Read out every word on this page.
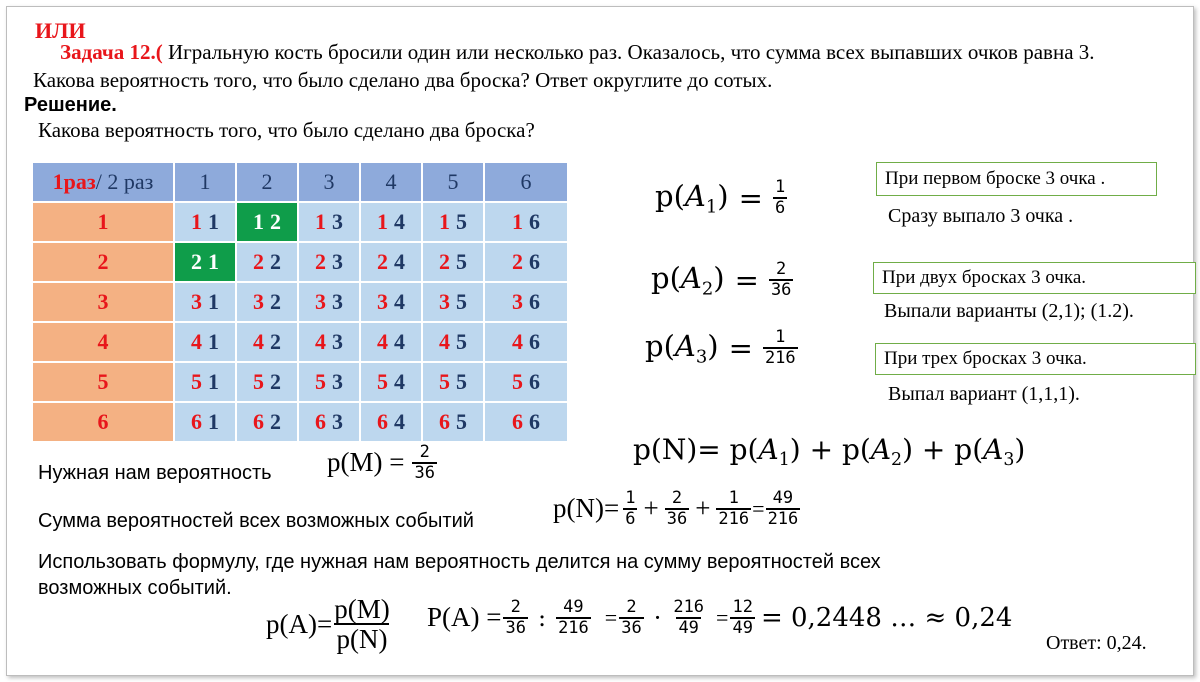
ИЛИ
Задача 12.( Игральную кость бросили один или несколько раз. Оказалось, что сумма всех выпавших очков равна 3.
Какова вероятность того, что было сделано два броска? Ответ округлите до сотых.
Решение.
Какова вероятность того, что было сделано два броска?
1раз/ 2 раз	1	2	3	4	5	6
1	1 1	1 2	1 3	1 4	1 5	1 6
2	2 1	2 2	2 3	2 4	2 5	2 6
3	3 1	3 2	3 3	3 4	3 5	3 6
4	4 1	4 2	4 3	4 4	4 5	4 6
5	5 1	5 2	5 3	5 4	5 5	5 6
6	6 1	6 2	6 3	6 4	6 5	6 6
$p(A_1) = \frac{1}{6}$
$p(A_2) = \frac{2}{36}$
$p(A_3) = \frac{1}{216}$
При первом броске 3 очка .
Сразу выпало 3 очка .
При двух бросках 3 очка.
Выпали варианты (2,1); (1.2).
При трех бросках 3 очка.
Выпал вариант (1,1,1).
$p(N)= p(A_1) + p(A_2) + p(A_3)$
Нужная нам вероятность $p(M) = \frac{2}{36}$
Сумма вероятностей всех возможных событий	$p(N)= \frac{1}{6} + \frac{2}{36} + \frac{1}{216} = \frac{49}{216}$
Использовать формулу, где нужная нам вероятность делится на сумму вероятностей всех
возможных событий.
$p(A)= \frac{p(M)}{p(N)} P(A) = \frac{2}{36}$ : $\frac{49}{216} = \frac{2}{36} \cdot \frac{216}{49} = \frac{12}{49} = 0,2448$ … ≈ 0,24
Ответ: 0,24.
